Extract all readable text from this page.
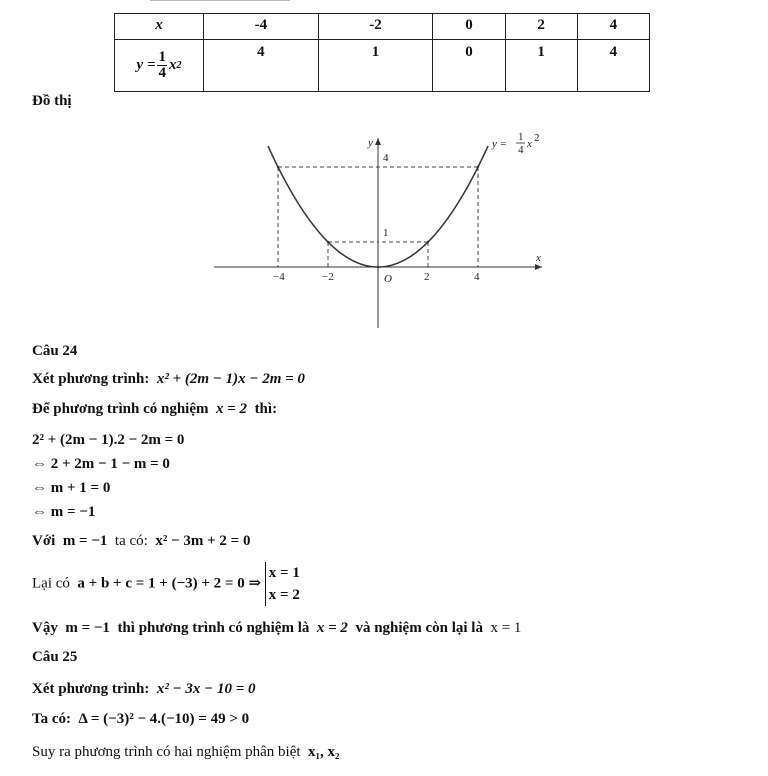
x	-4	-2	0	2	4

$y = \frac{1}{4}$ x 2	4	1	0	1	4
Đồ thị
y
x
O
−4	−2	2	4
4
1
y =
1
4 x 2
Câu 24
Xét phương trình: x² + (2m − 1)x − 2m = 0
Để phương trình có nghiệm x = 2 thì:
2² + (2m − 1).2 − 2m = 0
⇔ 2 + 2m − 1 − m = 0
⇔ m + 1 = 0
⇔ m = −1
Với m = −1 ta có: x² − 3m + 2 = 0
Lại có a + b + c = 1 + (−3) + 2 = 0 ⇒
x = 1
x = 2
Vậy m = −1 thì phương trình có nghiệm là x = 2 và nghiệm còn lại là x = 1
Câu 25
Xét phương trình: x² − 3x − 10 = 0
Ta có: Δ = (−3)² − 4.(−10) = 49 > 0
Suy ra phương trình có hai nghiệm phân biệt x₁, x₂
